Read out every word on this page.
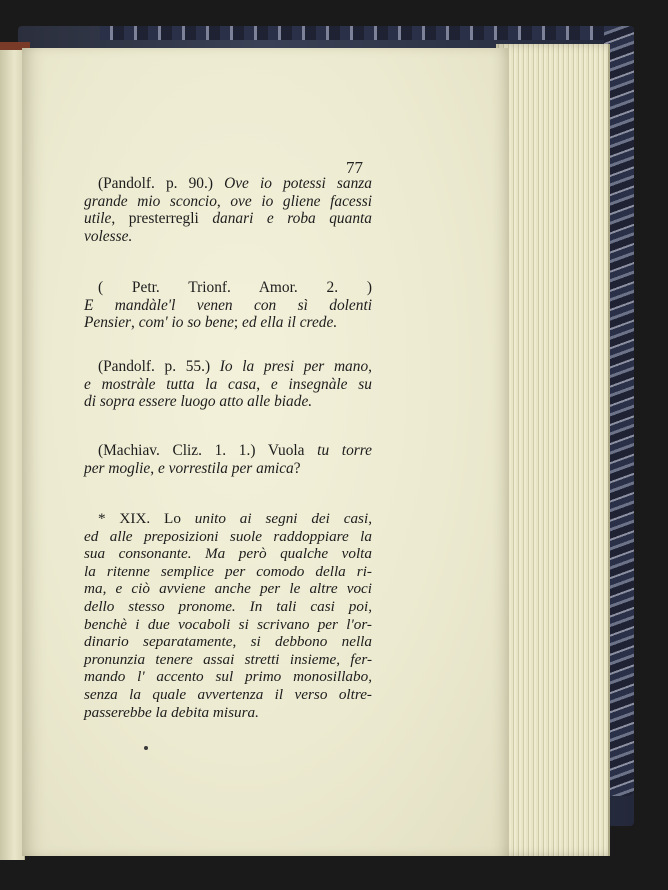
77
(Pandolf. p. 90.) Ove io potessi sanza
grande mio sconcio, ove io gliene facessi
utile, presterregli danari e roba quanta
volesse.
( Petr. Trionf. Amor. 2. )
E mandàle'l venen con sì dolenti
Pensier, com' io so bene; ed ella il crede.
(Pandolf. p. 55.) Io la presi per mano,
e mostràle tutta la casa, e insegnàle su
di sopra essere luogo atto alle biade.
(Machiav. Cliz. 1. 1.) Vuola tu torre
per moglie, e vorrestila per amica?
* XIX. Lo unito ai segni dei casi,
ed alle preposizioni suole raddoppiare la
sua consonante. Ma però qualche volta
la ritenne semplice per comodo della ri-
ma, e ciò avviene anche per le altre voci
dello stesso pronome. In tali casi poi,
benchè i due vocaboli si scrivano per l'or-
dinario separatamente, si debbono nella
pronunzia tenere assai stretti insieme, fer-
mando l' accento sul primo monosillabo,
senza la quale avvertenza il verso oltre-
passerebbe la debita misura.
